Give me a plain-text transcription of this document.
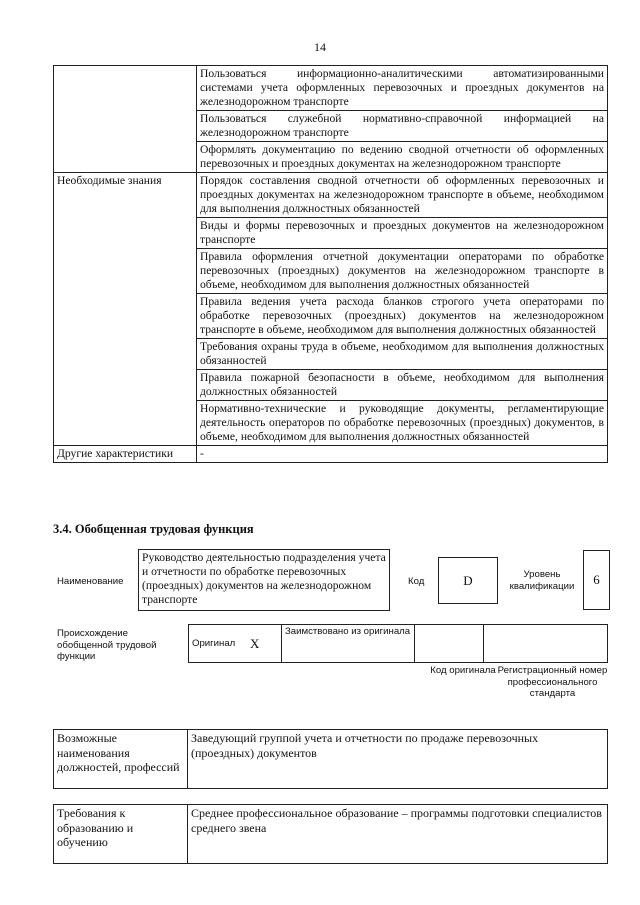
14
	Пользоваться информационно-аналитическими автоматизированными системами учета оформленных перевозочных и проездных документов на железнодорожном транспорте
	Пользоваться служебной нормативно-справочной информацией на железнодорожном транспорте
	Оформлять документацию по ведению сводной отчетности об оформленных перевозочных и проездных документах на железнодорожном транспорте
Необходимые знания	Порядок составления сводной отчетности об оформленных перевозочных и проездных документах на железнодорожном транспорте в объеме, необходимом для выполнения должностных обязанностей
	Виды и формы перевозочных и проездных документов на железнодорожном транспорте
	Правила оформления отчетной документации операторами по обработке перевозочных (проездных) документов на железнодорожном транспорте в объеме, необходимом для выполнения должностных обязанностей
	Правила ведения учета расхода бланков строгого учета операторами по обработке перевозочных (проездных) документов на железнодорожном транспорте в объеме, необходимом для выполнения должностных обязанностей
	Требования охраны труда в объеме, необходимом для выполнения должностных обязанностей
	Правила пожарной безопасности в объеме, необходимом для выполнения должностных обязанностей
	Нормативно-технические и руководящие документы, регламентирующие деятельность операторов по обработке перевозочных (проездных) документов, в объеме, необходимом для выполнения должностных обязанностей
Другие характеристики	-
3.4. Обобщенная трудовая функция
Наименование
Руководство деятельностью подразделения учета и отчетности по обработке перевозочных (проездных) документов на железнодорожном транспорте
Код	D	Уровень квалификации	6
Происхождение обобщенной трудовой функции
Оригинал	X	Заимствовано из оригинала		
Код оригинала Регистрационный номер профессионального стандарта
Возможные наименования должностей, профессий	Заведующий группой учета и отчетности по продаже перевозочных (проездных) документов
Требования к образованию и обучению	Среднее профессиональное образование – программы подготовки специалистов среднего звена
